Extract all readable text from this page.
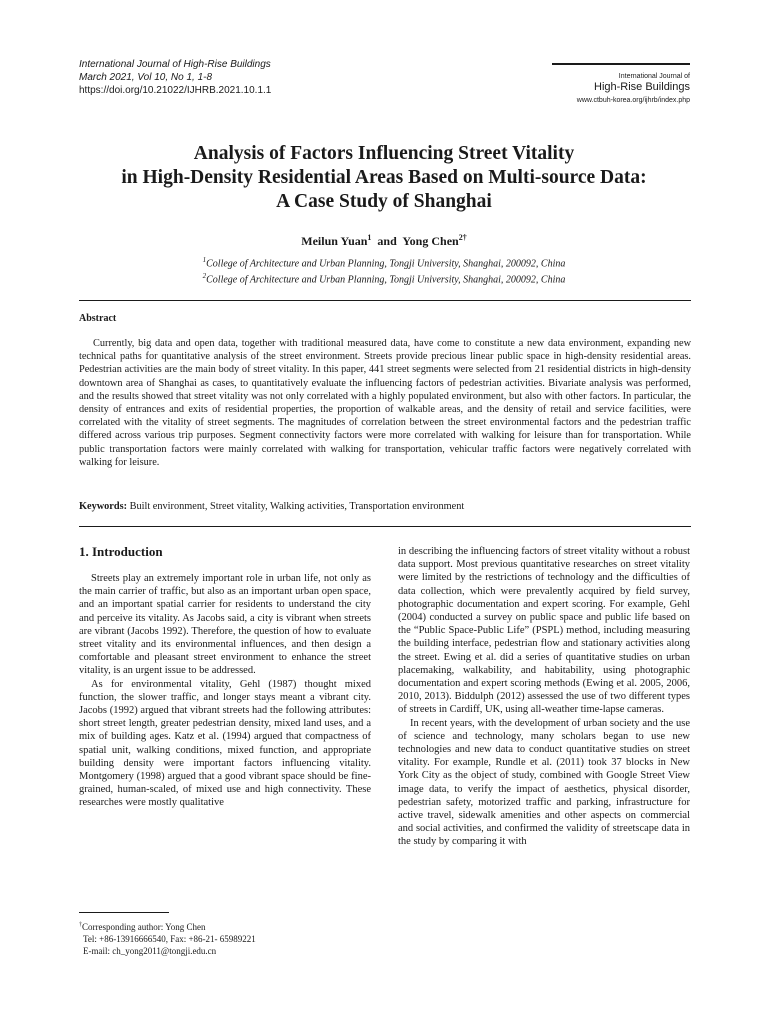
International Journal of High-Rise Buildings
March 2021, Vol 10, No 1, 1-8
https://doi.org/10.21022/IJHRB.2021.10.1.1
International Journal of
High-Rise Buildings
www.ctbuh-korea.org/ijhrb/index.php
Analysis of Factors Influencing Street Vitality
in High-Density Residential Areas Based on Multi-source Data:
A Case Study of Shanghai
Meilun Yuan$^1$ and Yong Chen$^{2\dagger}$
$^1$College of Architecture and Urban Planning, Tongji University, Shanghai, 200092, China
$^2$College of Architecture and Urban Planning, Tongji University, Shanghai, 200092, China
Abstract
Currently, big data and open data, together with traditional measured data, have come to constitute a new data environment, expanding new technical paths for quantitative analysis of the street environment. Streets provide precious linear public space in high-density residential areas. Pedestrian activities are the main body of street vitality. In this paper, 441 street segments were selected from 21 residential districts in high-density downtown area of Shanghai as cases, to quantitatively evaluate the influencing factors of pedestrian activities. Bivariate analysis was performed, and the results showed that street vitality was not only correlated with a highly populated environment, but also with other factors. In particular, the density of entrances and exits of residential properties, the proportion of walkable areas, and the density of retail and service facilities, were correlated with the vitality of street segments. The magnitudes of correlation between the street environmental factors and the pedestrian traffic differed across various trip purposes. Segment connectivity factors were more correlated with walking for leisure than for transportation. While public transportation factors were mainly correlated with walking for transportation, vehicular traffic factors were negatively correlated with walking for leisure.
Keywords: Built environment, Street vitality, Walking activities, Transportation environment
1. Introduction

Streets play an extremely important role in urban life, not only as the main carrier of traffic, but also as an important urban open space, and an important spatial carrier for residents to understand the city and perceive its vitality. As Jacobs said, a city is vibrant when streets are vibrant (Jacobs 1992). Therefore, the question of how to evaluate street vitality and its environmental influences, and then design a comfortable and pleasant street environment to enhance the street vitality, is an urgent issue to be addressed.

As for environmental vitality, Gehl (1987) thought mixed function, the slower traffic, and longer stays meant a vibrant city. Jacobs (1992) argued that vibrant streets had the following attributes: short street length, greater pedestrian density, mixed land uses, and a mix of building ages. Katz et al. (1994) argued that compactness of spatial unit, walking conditions, mixed function, and appropriate building density were important factors influencing vitality. Montgomery (1998) argued that a good vibrant space should be fine-grained, human-scaled, of mixed use and high connectivity. These researches were mostly qualitative

in describing the influencing factors of street vitality without a robust data support. Most previous quantitative researches on street vitality were limited by the restrictions of technology and the difficulties of data collection, which were prevalently acquired by field survey, photographic documentation and expert scoring. For example, Gehl (2004) conducted a survey on public space and public life based on the “Public Space-Public Life” (PSPL) method, including measuring the building interface, pedestrian flow and stationary activities along the street. Ewing et al. did a series of quantitative studies on urban placemaking, walkability, and habitability, using photographic documentation and expert scoring methods (Ewing et al. 2005, 2006, 2010, 2013). Biddulph (2012) assessed the use of two different types of streets in Cardiff, UK, using all-weather time-lapse cameras.

In recent years, with the development of urban society and the use of science and technology, many scholars began to use new technologies and new data to conduct quantitative studies on street vitality. For example, Rundle et al. (2011) took 37 blocks in New York City as the object of study, combined with Google Street View image data, to verify the impact of aesthetics, physical disorder, pedestrian safety, motorized traffic and parking, infrastructure for active travel, sidewalk amenities and other aspects on commercial and social activities, and confirmed the validity of streetscape data in the study by comparing it with

†Corresponding author: Yong Chen
Tel: +86-13916666540, Fax: +86-21- 65989221
E-mail: ch_yong2011@tongji.edu.cn
